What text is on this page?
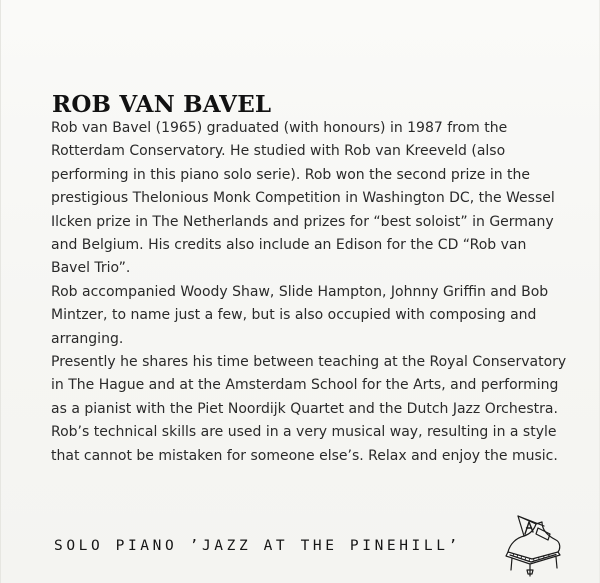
ROB VAN BAVEL

Rob van Bavel (1965) graduated (with honours) in 1987 from the
Rotterdam Conservatory. He studied with Rob van Kreeveld (also
performing in this piano solo serie). Rob won the second prize in the
prestigious Thelonious Monk Competition in Washington DC, the Wessel
Ilcken prize in The Netherlands and prizes for “best soloist” in Germany
and Belgium. His credits also include an Edison for the CD “Rob van
Bavel Trio”.

Rob accompanied Woody Shaw, Slide Hampton, Johnny Griffin and Bob
Mintzer, to name just a few, but is also occupied with composing and
arranging.

Presently he shares his time between teaching at the Royal Conservatory
in The Hague and at the Amsterdam School for the Arts, and performing
as a pianist with the Piet Noordijk Quartet and the Dutch Jazz Orchestra.
Rob’s technical skills are used in a very musical way, resulting in a style
that cannot be mistaken for someone else’s. Relax and enjoy the music.

SOLO PIANO ’JAZZ AT THE PINEHILL’
